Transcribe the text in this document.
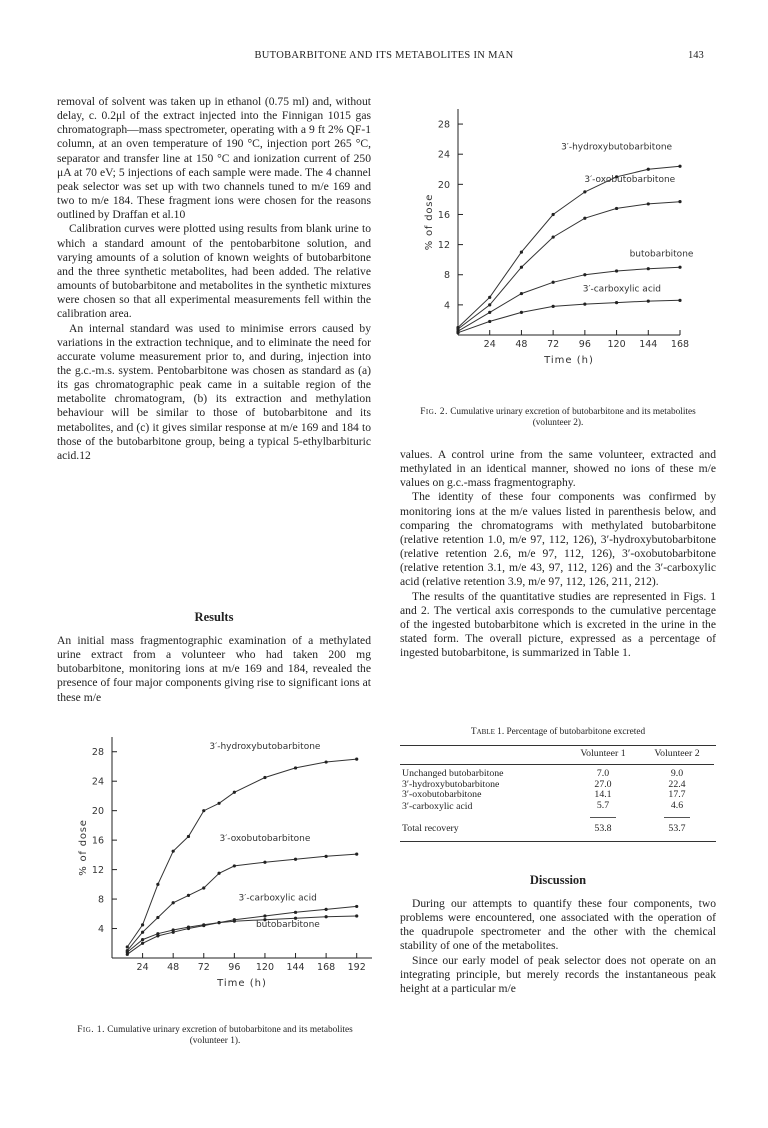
BUTOBARBITONE AND ITS METABOLITES IN MAN	143

removal of solvent was taken up in ethanol (0.75 ml) and, without delay, c. 0.2μl of the extract injected into the Finnigan 1015 gas chromatograph—mass spectrometer, operating with a 9 ft 2% QF-1 column, at an oven temperature of 190 °C, injection port 265 °C, separator and transfer line at 150 °C and ionization current of 250 μA at 70 eV; 5 injections of each sample were made. The 4 channel peak selector was set up with two channels tuned to m/e 169 and two to m/e 184. These fragment ions were chosen for the reasons outlined by Draffan et al.10

Calibration curves were plotted using results from blank urine to which a standard amount of the pentobarbitone solution, and varying amounts of a solution of known weights of butobarbitone and the three synthetic metabolites, had been added. The relative amounts of butobarbitone and metabolites in the synthetic mixtures were chosen so that all experimental measurements fell within the calibration area.

An internal standard was used to minimise errors caused by variations in the extraction technique, and to eliminate the need for accurate volume measurement prior to, and during, injection into the g.c.-m.s. system. Pentobarbitone was chosen as standard as (a) its gas chromatographic peak came in a suitable region of the metabolite chromatogram, (b) its extraction and methylation behaviour will be similar to those of butobarbitone and its metabolites, and (c) it gives similar response at m/e 169 and 184 to those of the butobarbitone group, being a typical 5-ethylbarbituric acid.12

Results

An initial mass fragmentographic examination of a methylated urine extract from a volunteer who had taken 200 mg butobarbitone, monitoring ions at m/e 169 and 184, revealed the presence of four major components giving rise to significant ions at these m/e

4
8
12
16
20
24
28
24 48 72 96 120 144 168 192
Time (h)
% of dose
3′-hydroxybutobarbitone
3′-oxobutobarbitone
3′-carboxylic acid
butobarbitone
Fig. 1. Cumulative urinary excretion of butobarbitone and its metabolites (volunteer 1).
4
8
12
16
20
24
28
24 48 72 96 120 144 168
Time (h)
% of dose
3′-hydroxybutobarbitone
3′-oxobutobarbitone
butobarbitone
3′-carboxylic acid
Fig. 2. Cumulative urinary excretion of butobarbitone and its metabolites (volunteer 2).

values. A control urine from the same volunteer, extracted and methylated in an identical manner, showed no ions of these m/e values on g.c.-mass fragmentography.

The identity of these four components was confirmed by monitoring ions at the m/e values listed in parenthesis below, and comparing the chromatograms with methylated butobarbitone (relative retention 1.0, m/e 97, 112, 126), 3′-hydroxybutobarbitone (relative retention 2.6, m/e 97, 112, 126), 3′-oxobutobarbitone (relative retention 3.1, m/e 43, 97, 112, 126) and the 3′-carboxylic acid (relative retention 3.9, m/e 97, 112, 126, 211, 212).

The results of the quantitative studies are represented in Figs. 1 and 2. The vertical axis corresponds to the cumulative percentage of the ingested butobarbitone which is excreted in the urine in the stated form. The overall picture, expressed as a percentage of ingested butobarbitone, is summarized in Table 1.

Table 1. Percentage of butobarbitone excreted
	Volunteer 1	Volunteer 2

Unchanged butobarbitone	7.0	9.0
3′-hydroxybutobarbitone	27.0	22.4
3′-oxobutobarbitone	14.1	17.7
3′-carboxylic acid	5.7	4.6

Total recovery	53.8	53.7

Discussion

During our attempts to quantify these four components, two problems were encountered, one associated with the operation of the quadrupole spectrometer and the other with the chemical stability of one of the metabolites.

Since our early model of peak selector does not operate on an integrating principle, but merely records the instantaneous peak height at a particular m/e
